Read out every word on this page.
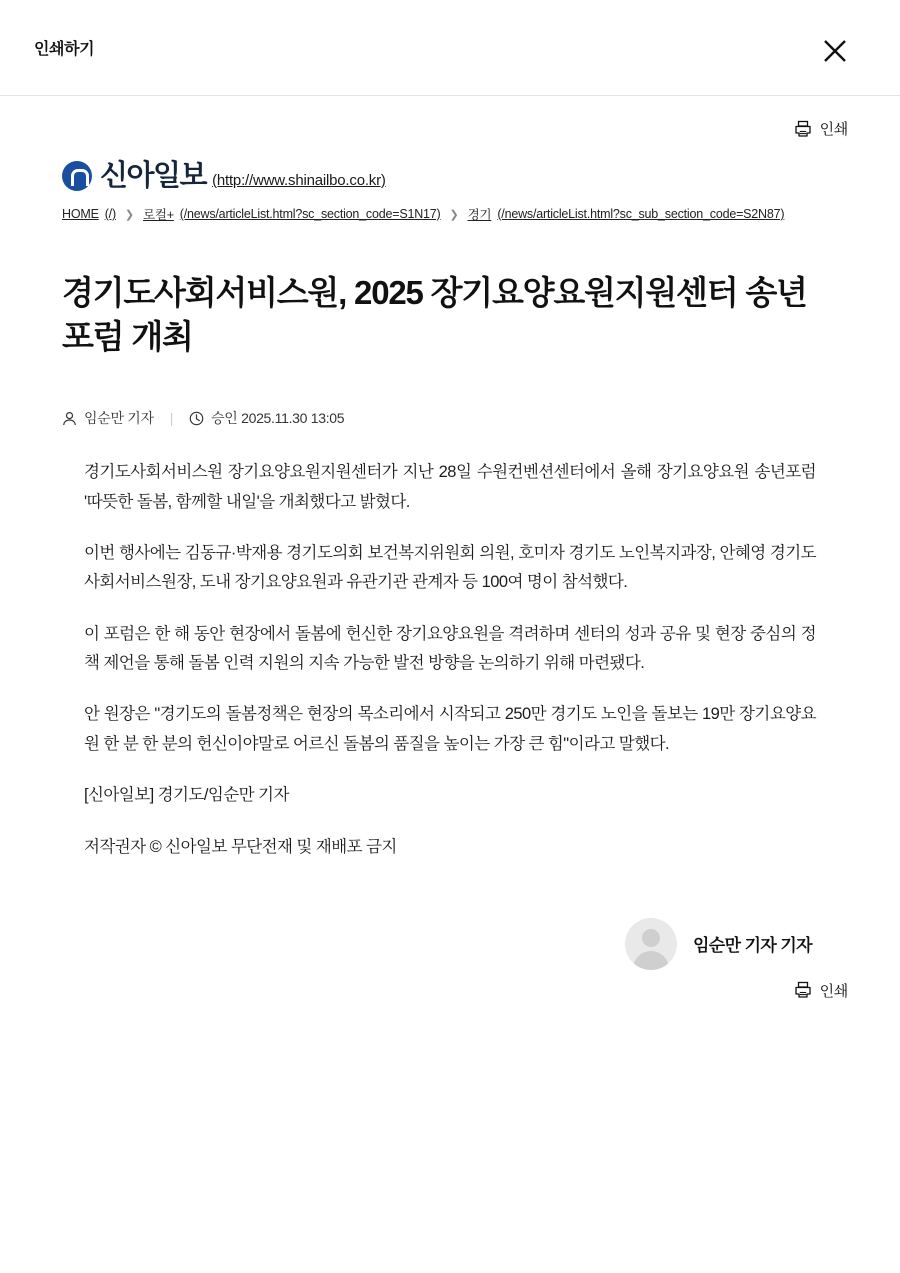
인쇄하기
인쇄
신아일보 (http://www.shinailbo.co.kr)
HOME (/) ❯ 로컬+ (/news/articleList.html?sc_section_code=S1N17) ❯ 경기 (/news/articleList.html?sc_sub_section_code=S2N87)
경기도사회서비스원, 2025 장기요양요원지원센터 송년 포럼 개최
임순만 기자	|	승인 2025.11.30 13:05

경기도사회서비스원 장기요양요원지원센터가 지난 28일 수원컨벤션센터에서 올해 장기요양요원 송년포럼 '따뜻한 돌봄, 함께할 내일'을 개최했다고 밝혔다.

이번 행사에는 김동규·박재용 경기도의회 보건복지위원회 의원, 호미자 경기도 노인복지과장, 안혜영 경기도사회서비스원장, 도내 장기요양요원과 유관기관 관계자 등 100여 명이 참석했다.

이 포럼은 한 해 동안 현장에서 돌봄에 헌신한 장기요양요원을 격려하며 센터의 성과 공유 및 현장 중심의 정책 제언을 통해 돌봄 인력 지원의 지속 가능한 발전 방향을 논의하기 위해 마련됐다.

안 원장은 "경기도의 돌봄정책은 현장의 목소리에서 시작되고 250만 경기도 노인을 돌보는 19만 장기요양요원 한 분 한 분의 헌신이야말로 어르신 돌봄의 품질을 높이는 가장 큰 힘"이라고 말했다.

[신아일보] 경기도/임순만 기자

저작권자 © 신아일보 무단전재 및 재배포 금지

임순만 기자 기자
인쇄
